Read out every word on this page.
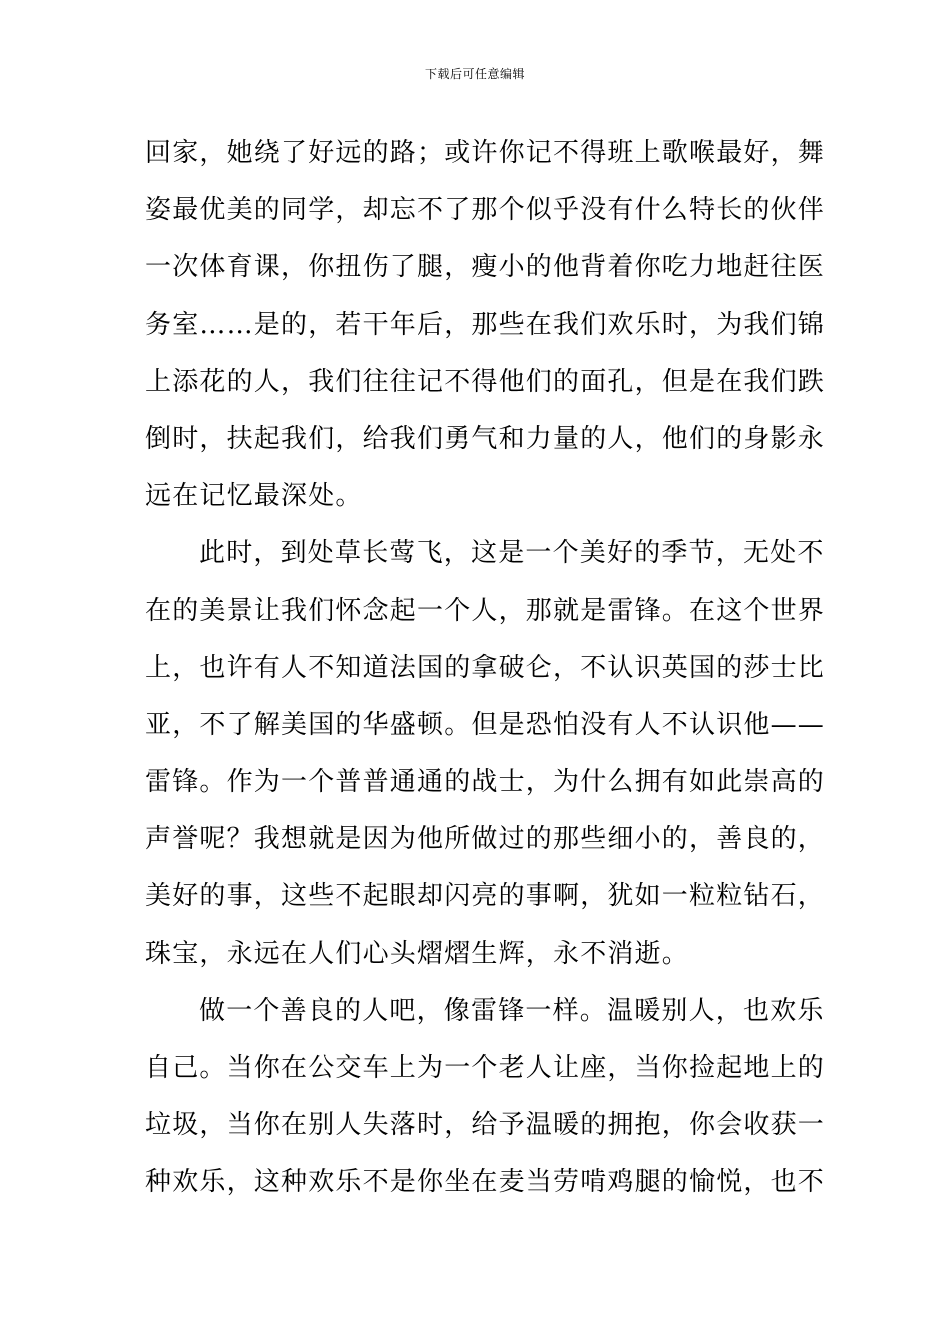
下载后可任意编辑
回家，她绕了好远的路；或许你记不得班上歌喉最好，舞
姿最优美的同学，却忘不了那个似乎没有什么特长的伙伴
一次体育课，你扭伤了腿，瘦小的他背着你吃力地赶往医
务室……是的，若干年后，那些在我们欢乐时，为我们锦
上添花的人，我们往往记不得他们的面孔，但是在我们跌
倒时，扶起我们，给我们勇气和力量的人，他们的身影永
远在记忆最深处。
此时，到处草长莺飞，这是一个美好的季节，无处不
在的美景让我们怀念起一个人，那就是雷锋。在这个世界
上，也许有人不知道法国的拿破仑，不认识英国的莎士比
亚，不了解美国的华盛顿。但是恐怕没有人不认识他——
雷锋。作为一个普普通通的战士，为什么拥有如此崇高的
声誉呢？我想就是因为他所做过的那些细小的，善良的，
美好的事，这些不起眼却闪亮的事啊，犹如一粒粒钻石，
珠宝，永远在人们心头熠熠生辉，永不消逝。
做一个善良的人吧，像雷锋一样。温暖别人，也欢乐
自己。当你在公交车上为一个老人让座，当你捡起地上的
垃圾，当你在别人失落时，给予温暖的拥抱，你会收获一
种欢乐，这种欢乐不是你坐在麦当劳啃鸡腿的愉悦，也不
